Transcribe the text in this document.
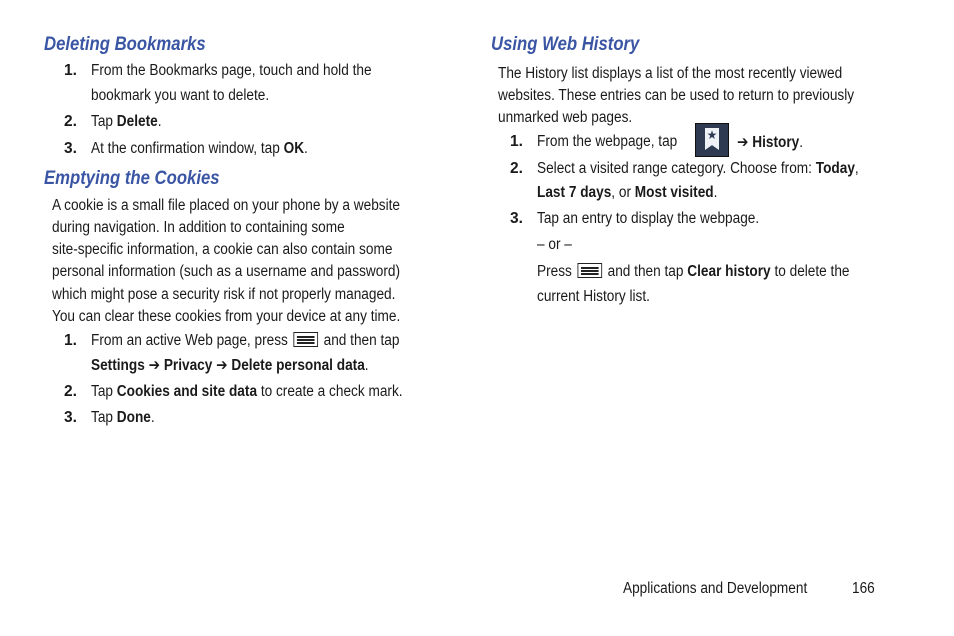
Deleting Bookmarks
1. From the Bookmarks page, touch and hold the
bookmark you want to delete.
2. Tap Delete.
3. At the confirmation window, tap OK.
Emptying the Cookies
A cookie is a small file placed on your phone by a website
during navigation. In addition to containing some
site-specific information, a cookie can also contain some
personal information (such as a username and password)
which might pose a security risk if not properly managed.
You can clear these cookies from your device at any time.
1. From an active Web page, press and then tap
Settings ➔ Privacy ➔ Delete personal data.
2. Tap Cookies and site data to create a check mark.
3. Tap Done.
Using Web History
The History list displays a list of the most recently viewed
websites. These entries can be used to return to previously
unmarked web pages.
1. From the webpage, tap	★ ➔ History.
2. Select a visited range category. Choose from: Today,
Last 7 days, or Most visited.
3. Tap an entry to display the webpage.
– or –
Press and then tap Clear history to delete the
current History list.
Applications and Development	166
